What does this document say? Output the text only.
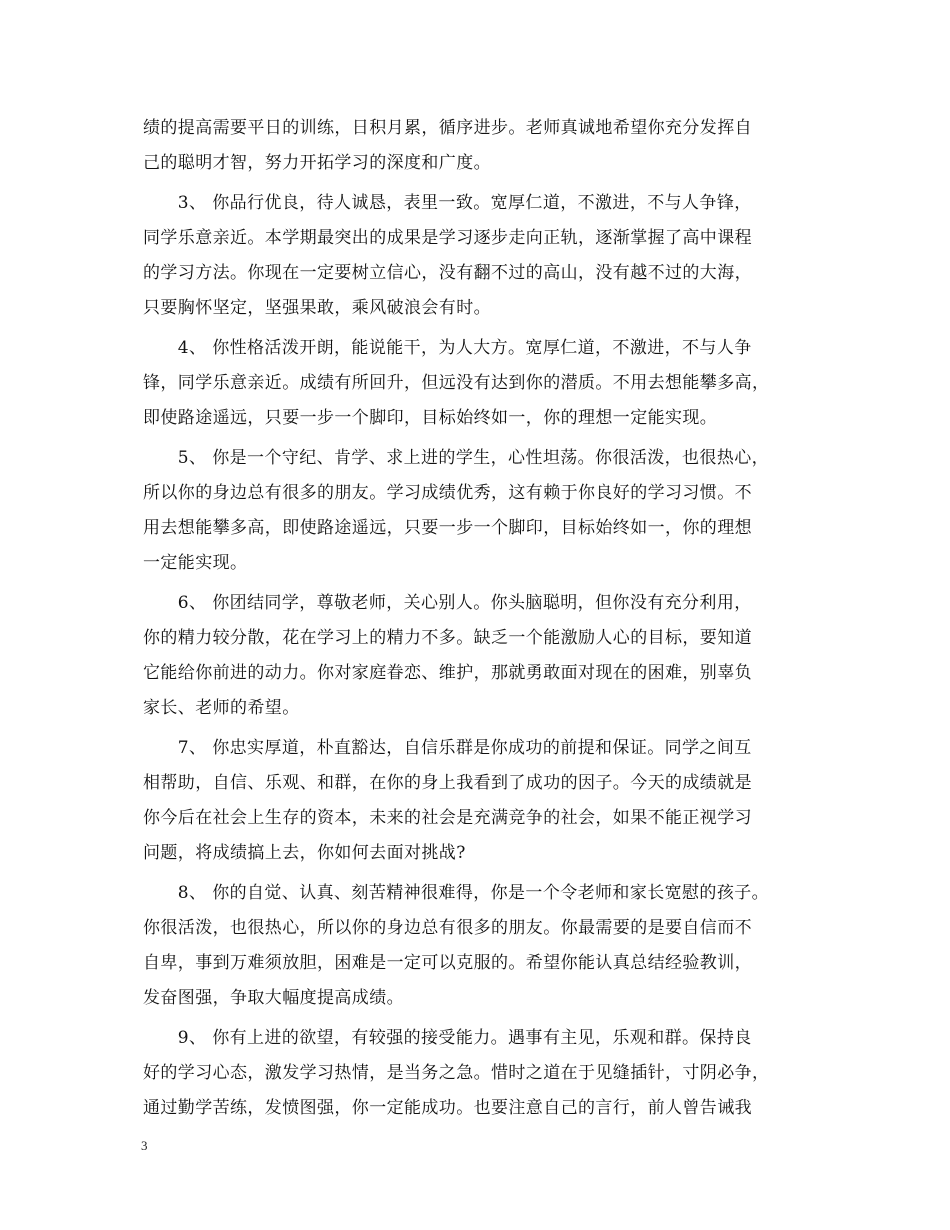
绩的提高需要平日的训练，日积月累，循序进步。老师真诚地希望你充分发挥自
己的聪明才智，努力开拓学习的深度和广度。
　　3、 你品行优良，待人诚恳，表里一致。宽厚仁道，不激进，不与人争锋，
同学乐意亲近。本学期最突出的成果是学习逐步走向正轨，逐渐掌握了高中课程
的学习方法。你现在一定要树立信心，没有翻不过的高山，没有越不过的大海，
只要胸怀坚定，坚强果敢，乘风破浪会有时。
　　4、 你性格活泼开朗，能说能干，为人大方。宽厚仁道，不激进，不与人争
锋，同学乐意亲近。成绩有所回升，但远没有达到你的潜质。不用去想能攀多高，
即使路途遥远，只要一步一个脚印，目标始终如一，你的理想一定能实现。
　　5、 你是一个守纪、肯学、求上进的学生，心性坦荡。你很活泼，也很热心，
所以你的身边总有很多的朋友。学习成绩优秀，这有赖于你良好的学习习惯。不
用去想能攀多高，即使路途遥远，只要一步一个脚印，目标始终如一，你的理想
一定能实现。
　　6、 你团结同学，尊敬老师，关心别人。你头脑聪明，但你没有充分利用，
你的精力较分散，花在学习上的精力不多。缺乏一个能激励人心的目标，要知道
它能给你前进的动力。你对家庭眷恋、维护，那就勇敢面对现在的困难，别辜负
家长、老师的希望。
　　7、 你忠实厚道，朴直豁达，自信乐群是你成功的前提和保证。同学之间互
相帮助，自信、乐观、和群，在你的身上我看到了成功的因子。今天的成绩就是
你今后在社会上生存的资本，未来的社会是充满竞争的社会，如果不能正视学习
问题，将成绩搞上去，你如何去面对挑战?
　　8、 你的自觉、认真、刻苦精神很难得，你是一个令老师和家长宽慰的孩子。
你很活泼，也很热心，所以你的身边总有很多的朋友。你最需要的是要自信而不
自卑，事到万难须放胆，困难是一定可以克服的。希望你能认真总结经验教训，
发奋图强，争取大幅度提高成绩。
　　9、 你有上进的欲望，有较强的接受能力。遇事有主见，乐观和群。保持良
好的学习心态，激发学习热情，是当务之急。惜时之道在于见缝插针，寸阴必争，
通过勤学苦练，发愤图强，你一定能成功。也要注意自己的言行，前人曾告诫我
3
